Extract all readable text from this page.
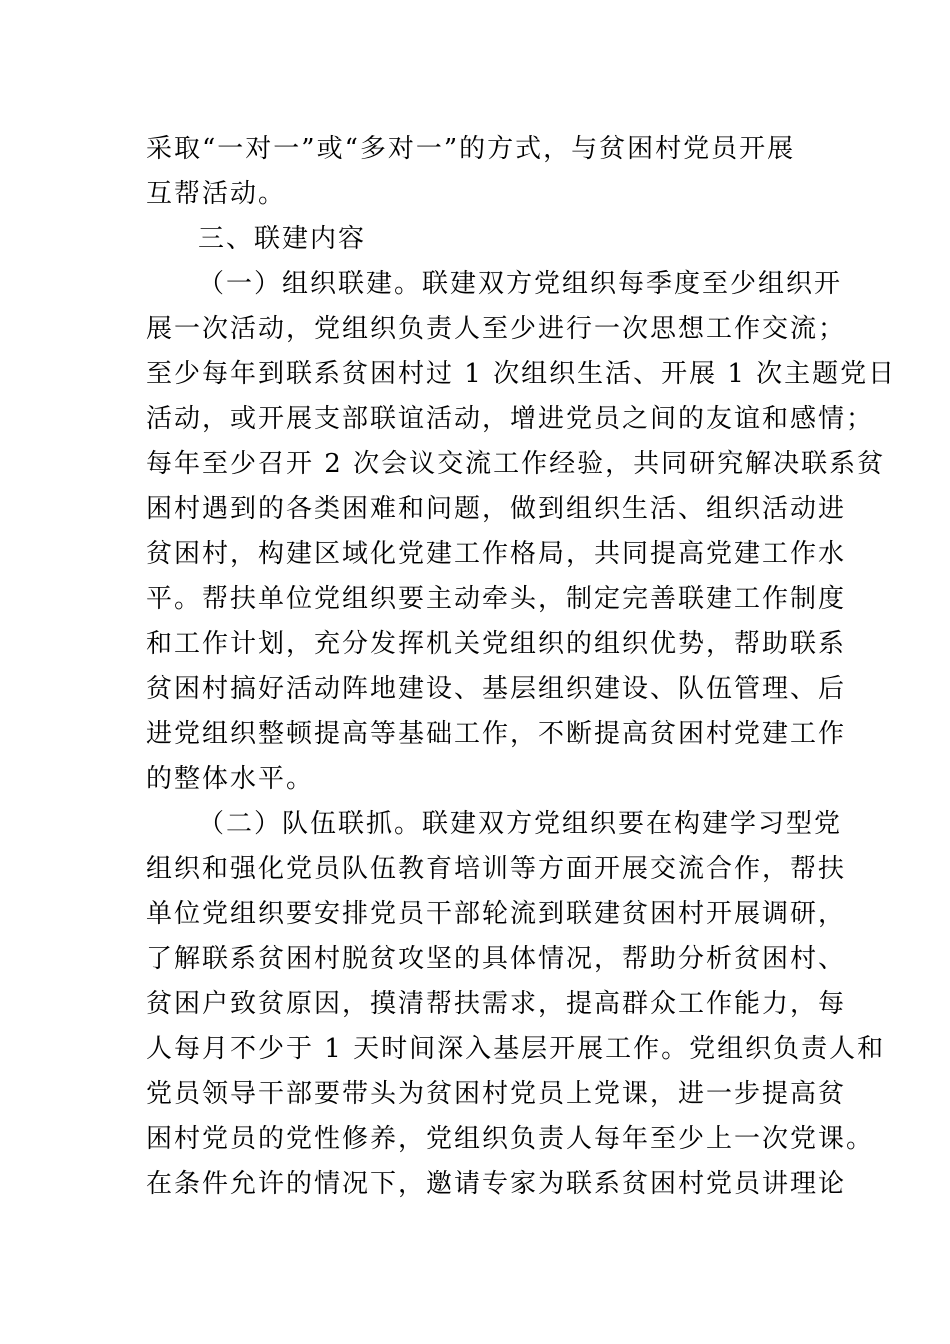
采取“一对一”或“多对一”的方式，与贫困村党员开展
互帮活动。
三、联建内容
（一）组织联建。联建双方党组织每季度至少组织开
展一次活动，党组织负责人至少进行一次思想工作交流；
至少每年到联系贫困村过 1 次组织生活、开展 1 次主题党日
活动，或开展支部联谊活动，增进党员之间的友谊和感情；
每年至少召开 2 次会议交流工作经验，共同研究解决联系贫
困村遇到的各类困难和问题，做到组织生活、组织活动进
贫困村，构建区域化党建工作格局，共同提高党建工作水
平。帮扶单位党组织要主动牵头，制定完善联建工作制度
和工作计划，充分发挥机关党组织的组织优势，帮助联系
贫困村搞好活动阵地建设、基层组织建设、队伍管理、后
进党组织整顿提高等基础工作，不断提高贫困村党建工作
的整体水平。
（二）队伍联抓。联建双方党组织要在构建学习型党
组织和强化党员队伍教育培训等方面开展交流合作，帮扶
单位党组织要安排党员干部轮流到联建贫困村开展调研，
了解联系贫困村脱贫攻坚的具体情况，帮助分析贫困村、
贫困户致贫原因，摸清帮扶需求，提高群众工作能力，每
人每月不少于 1 天时间深入基层开展工作。党组织负责人和
党员领导干部要带头为贫困村党员上党课，进一步提高贫
困村党员的党性修养，党组织负责人每年至少上一次党课。
在条件允许的情况下，邀请专家为联系贫困村党员讲理论
